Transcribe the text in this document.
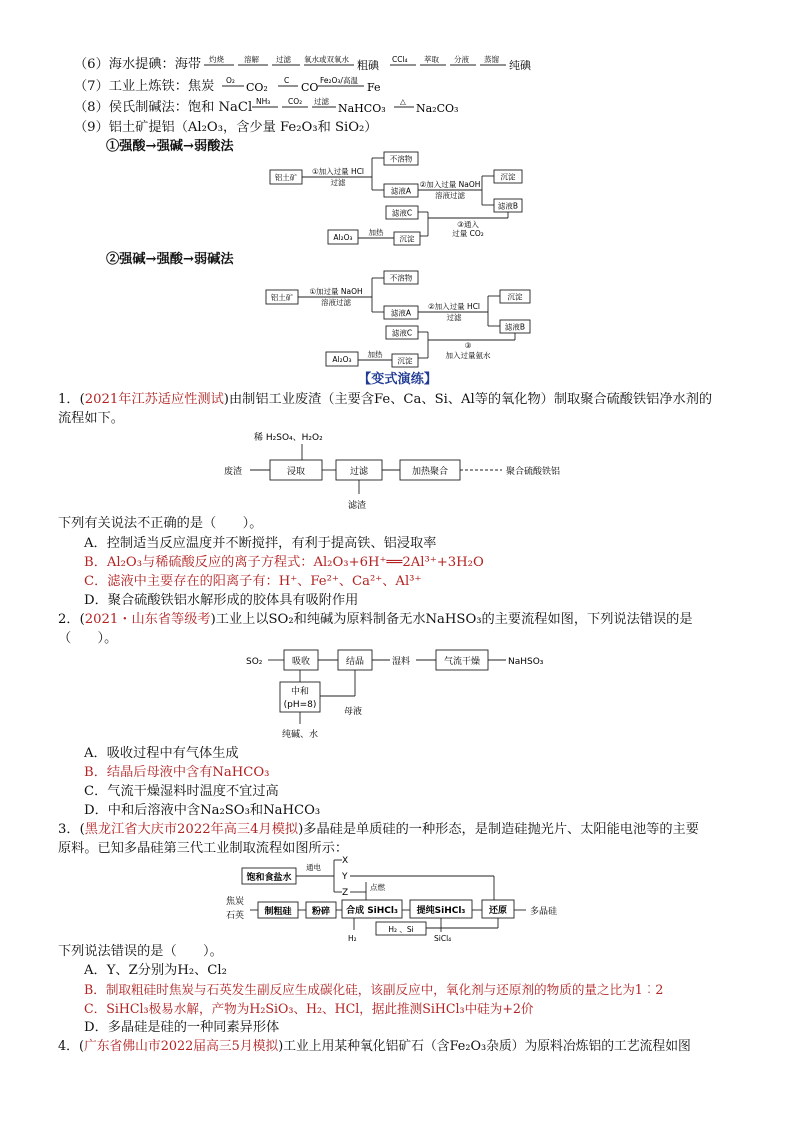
（6）海水提碘：海带 灼烧	溶解 过滤 氧水或双氧水 粗碘 CCl₄ 萃取 分液 蒸馏 纯碘
（7）工业上炼铁：焦炭 O₂
CO₂
C
CO
Fe₂O₃/高温
Fe
（8）侯氏制碱法：饱和 NaCl NH₃ CO₂ 过滤
NaHCO₃
△
Na₂CO₃
（9）铝土矿提铝（Al₂O₃，含少量 Fe₂O₃和 SiO₂）
①强酸→强碱→弱酸法
铝土矿
①加入过量 HCl
过滤
不溶物
滤液A
②加入过量 NaOH
溶液过滤
沉淀
滤液B
滤液C
③通入
过量 CO₂
沉淀
加热
Al₂O₃
②强碱→强酸→弱碱法
铝土矿
①加过量 NaOH
溶液过滤
不溶物
滤液A
②加入过量 HCl
过滤
沉淀
滤液B
滤液C
③
加入过量氨水
沉淀
加热
Al₂O₃
【变式演练】
1．(2021年江苏适应性测试)由制铝工业废渣（主要含Fe、Ca、Si、Al等的氧化物）制取聚合硫酸铁铝净水剂的
流程如下。
稀 H₂SO₄、H₂O₂
废渣	浸取	过滤
滤渣
加热聚合	聚合硫酸铁铝
下列有关说法不正确的是（　　）。
A．控制适当反应温度并不断搅拌，有利于提高铁、铝浸取率
B．Al₂O₃与稀硫酸反应的离子方程式：Al₂O₃+6H⁺══2Al³⁺+3H₂O
C．滤液中主要存在的阳离子有：H⁺、Fe²⁺、Ca²⁺、Al³⁺
D．聚合硫酸铁铝水解形成的胶体具有吸附作用
2．(2021・山东省等级考)工业上以SO₂和纯碱为原料制备无水NaHSO₃的主要流程如图，下列说法错误的是
（　　）。
SO₂	吸收	结晶	湿料	气流干燥	NaHSO₃
中和
(pH=8)
母液
纯碱、水
A．吸收过程中有气体生成
B．结晶后母液中含有NaHCO₃
C．气流干燥湿料时温度不宜过高
D．中和后溶液中含Na₂SO₃和NaHCO₃
3．(黑龙江省大庆市2022年高三4月模拟)多晶硅是单质硅的一种形态，是制造硅抛光片、太阳能电池等的主要
原料。已知多晶硅第三代工业制取流程如图所示：
饱和食盐水
通电
X
Y
Z
点燃
焦炭
石英 制粗硅 粉碎 合成 SiHCl₃ 提纯SiHCl₃	还原	多晶硅
H₂
H₂ 、Si
SiCl₄
下列说法错误的是（　　）。
A．Y、Z分别为H₂、Cl₂
B．制取粗硅时焦炭与石英发生副反应生成碳化硅，该副反应中，氧化剂与还原剂的物质的量之比为1︰2
C．SiHCl₃极易水解，产物为H₂SiO₃、H₂、HCl，据此推测SiHCl₃中硅为+2价
D．多晶硅是硅的一种同素异形体
4．(广东省佛山市2022届高三5月模拟)工业上用某种氧化铝矿石（含Fe₂O₃杂质）为原料冶炼铝的工艺流程如图
